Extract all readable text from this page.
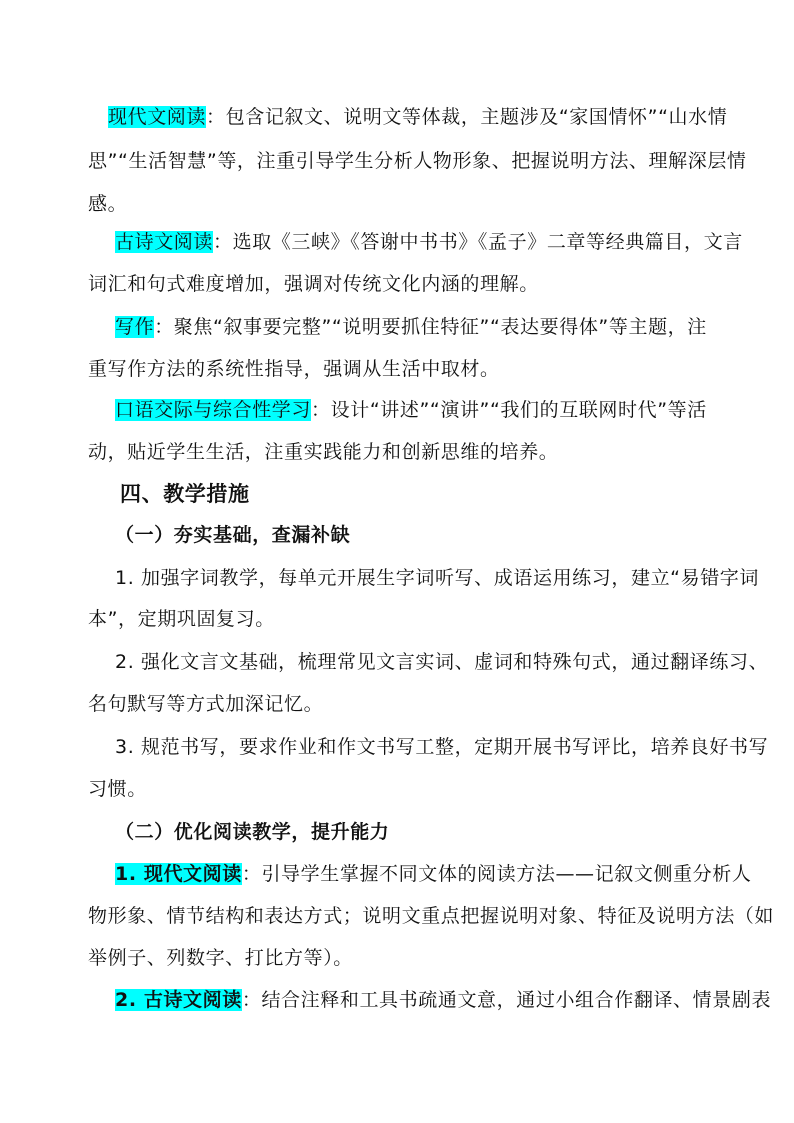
现代文阅读：包含记叙文、说明文等体裁，主题涉及“家国情怀”“山水情
思”“生活智慧”等，注重引导学生分析人物形象、把握说明方法、理解深层情
感。
古诗文阅读：选取《三峡》《答谢中书书》《孟子》二章等经典篇目，文言
词汇和句式难度增加，强调对传统文化内涵的理解。
写作：聚焦“叙事要完整”“说明要抓住特征”“表达要得体”等主题，注
重写作方法的系统性指导，强调从生活中取材。
口语交际与综合性学习：设计“讲述”“演讲”“我们的互联网时代”等活
动，贴近学生生活，注重实践能力和创新思维的培养。
四、教学措施
（一）夯实基础，查漏补缺
1. 加强字词教学，每单元开展生字词听写、成语运用练习，建立“易错字词
本”，定期巩固复习。
2. 强化文言文基础，梳理常见文言实词、虚词和特殊句式，通过翻译练习、
名句默写等方式加深记忆。
3. 规范书写，要求作业和作文书写工整，定期开展书写评比，培养良好书写
习惯。
（二）优化阅读教学，提升能力
1. 现代文阅读：引导学生掌握不同文体的阅读方法——记叙文侧重分析人
物形象、情节结构和表达方式；说明文重点把握说明对象、特征及说明方法（如
举例子、列数字、打比方等）。
2. 古诗文阅读：结合注释和工具书疏通文意，通过小组合作翻译、情景剧表
